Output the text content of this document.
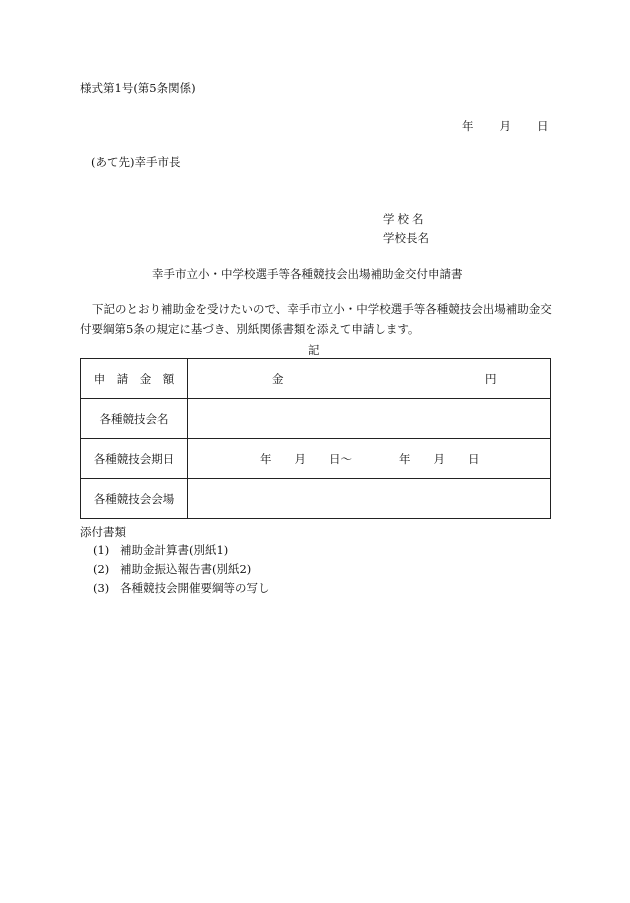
様式第1号(第5条関係)
年 月 日
(あて先)幸手市長
学校名
学校長名
幸手市立小・中学校選手等各種競技会出場補助金交付申請書
下記のとおり補助金を受けたいので、幸手市立小・中学校選手等各種競技会出場補助金交付要綱第5条の規定に基づき、別紙関係書類を添えて申請します。
記
申　請　金　額	金 円

各種競技会名	
各種競技会期日	年　　月　　日〜 年　　月　　日

各種競技会会場	
添付書類
(1) 補助金計算書(別紙1)
(2) 補助金振込報告書(別紙2)
(3) 各種競技会開催要綱等の写し
